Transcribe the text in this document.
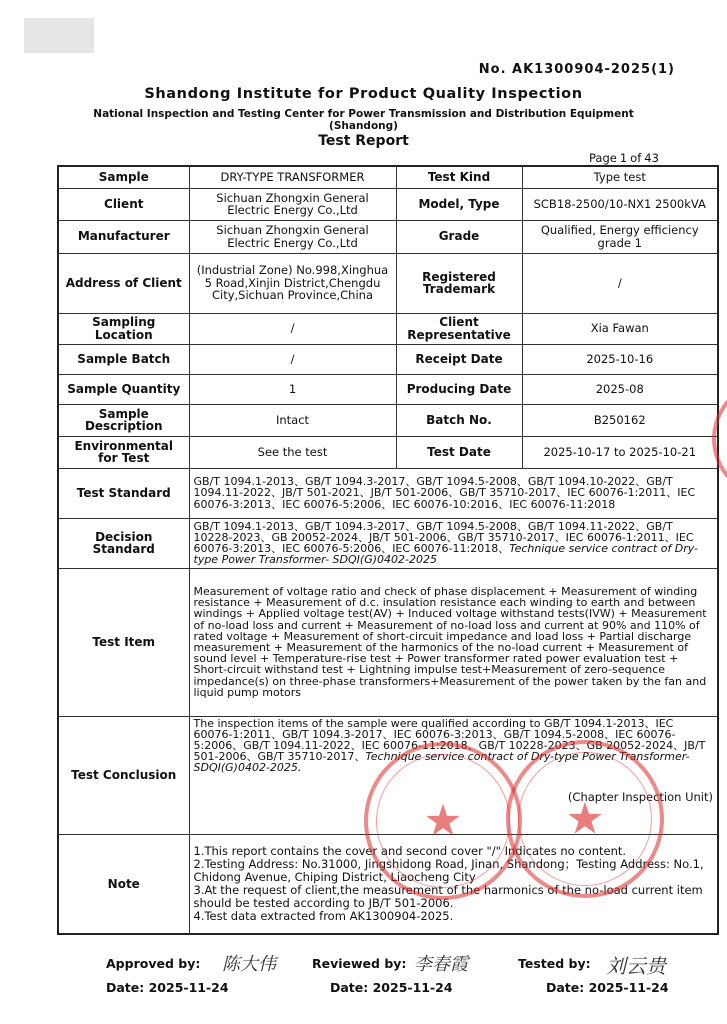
No. AK1300904-2025(1)
Shandong Institute for Product Quality Inspection
National Inspection and Testing Center for Power Transmission and Distribution Equipment
(Shandong)
Test Report
Page 1 of 43
Sample	DRY-TYPE TRANSFORMER	Test Kind	Type test
Client	Sichuan Zhongxin General Electric Energy Co.,Ltd	Model, Type	SCB18-2500/10-NX1 2500kVA
Manufacturer	Sichuan Zhongxin General Electric Energy Co.,Ltd	Grade	Qualified, Energy efficiency grade 1
Address of Client	(Industrial Zone) No.998,Xinghua 5 Road,Xinjin District,Chengdu City,Sichuan Province,China	Registered Trademark	/
Sampling Location	/	Client Representative	Xia Fawan
Sample Batch	/	Receipt Date	2025-10-16
Sample Quantity	1	Producing Date	2025-08
Sample Description	Intact	Batch No.	B250162
Environmental for Test	See the test	Test Date	2025-10-17 to 2025-10-21
Test Standard	GB/T 1094.1-2013、GB/T 1094.3-2017、GB/T 1094.5-2008、GB/T 1094.10-2022、GB/T 1094.11-2022、JB/T 501-2021、JB/T 501-2006、GB/T 35710-2017、IEC 60076-1:2011、IEC 60076-3:2013、IEC 60076-5:2006、IEC 60076-10:2016、IEC 60076-11:2018		
Decision Standard	GB/T 1094.1-2013、GB/T 1094.3-2017、GB/T 1094.5-2008、GB/T 1094.11-2022、GB/T 10228-2023、GB 20052-2024、JB/T 501-2006、GB/T 35710-2017、IEC 60076-1:2011、IEC 60076-3:2013、IEC 60076-5:2006、IEC 60076-11:2018、Technique service contract of Dry-type Power Transformer- SDQI(G)0402-2025		
Test Item	Measurement of voltage ratio and check of phase displacement + Measurement of winding resistance + Measurement of d.c. insulation resistance each winding to earth and between windings + Applied voltage test(AV) + Induced voltage withstand tests(IVW) + Measurement of no-load loss and current + Measurement of no-load loss and current at 90% and 110% of rated voltage + Measurement of short-circuit impedance and load loss + Partial discharge measurement + Measurement of the harmonics of the no-load current + Measurement of sound level + Temperature-rise test + Power transformer rated power evaluation test + Short-circuit withstand test + Lightning impulse test+Measurement of zero-sequence impedance(s) on three-phase transformers+Measurement of the power taken by the fan and liquid pump motors		
Test Conclusion	The inspection items of the sample were qualified according to GB/T 1094.1-2013、IEC 60076-1:2011、GB/T 1094.3-2017、IEC 60076-3:2013、GB/T 1094.5-2008、IEC 60076-5:2006、GB/T 1094.11-2022、IEC 60076-11:2018、GB/T 10228-2023、GB 20052-2024、JB/T 501-2006、GB/T 35710-2017、Technique service contract of Dry-type Power Transformer- SDQI(G)0402-2025.
(Chapter Inspection Unit)		

Note	1.This report contains the cover and second cover "/" Indicates no content.
2.Testing Address: No.31000, Jingshidong Road, Jinan, Shandong；Testing Address: No.1, Chidong Avenue, Chiping District, Liaocheng City
3.At the request of client,the measurement of the harmonics of the no-load current item should be tested according to JB/T 501-2006.
4.Test data extracted from AK1300904-2025.		
★ ★
Approved by:	Reviewed by:	Tested by:
陈大伟	李春霞	刘云贵
Date: 2025-11-24	Date: 2025-11-24	Date: 2025-11-24
